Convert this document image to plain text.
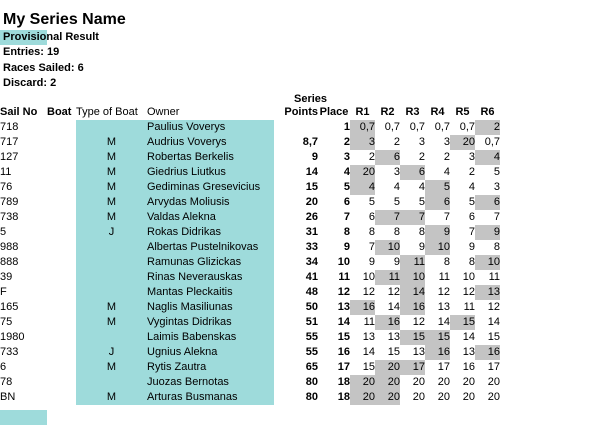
My Series Name
Provisional Result
Entries: 19
Races Sailed: 6
Discard: 2
Series
Sail No	Boat	Type of Boat	Owner	Points	Place	R1	R2	R3	R4	R5	R6
718			Paulius Voverys		1	0,7	0,7	0,7	0,7	0,7	2
717		M	Audrius Voverys	8,7	2	3	2	3	3	20	0,7
127		M	Robertas Berkelis	9	3	2	6	2	2	3	4
11		M	Giedrius Liutkus	14	4	20	3	6	4	2	5
76		M	Gediminas Gresevicius	15	5	4	4	4	5	4	3
789		M	Arvydas Moliusis	20	6	5	5	5	6	5	6
738		M	Valdas Alekna	26	7	6	7	7	7	6	7
5		J	Rokas Didrikas	31	8	8	8	8	9	7	9
988			Albertas Pustelnikovas	33	9	7	10	9	10	9	8
888			Ramunas Glizickas	34	10	9	9	11	8	8	10
39			Rinas Neverauskas	41	11	10	11	10	11	10	11
F			Mantas Pleckaitis	48	12	12	12	14	12	12	13
165		M	Naglis Masiliunas	50	13	16	14	16	13	11	12
75		M	Vygintas Didrikas	51	14	11	16	12	14	15	14
1980			Laimis Babenskas	55	15	13	13	15	15	14	15
733		J	Ugnius Alekna	55	16	14	15	13	16	13	16
6		M	Rytis Zautra	65	17	15	20	17	17	16	17
78			Juozas Bernotas	80	18	20	20	20	20	20	20
BN		M	Arturas Busmanas	80	18	20	20	20	20	20	20
